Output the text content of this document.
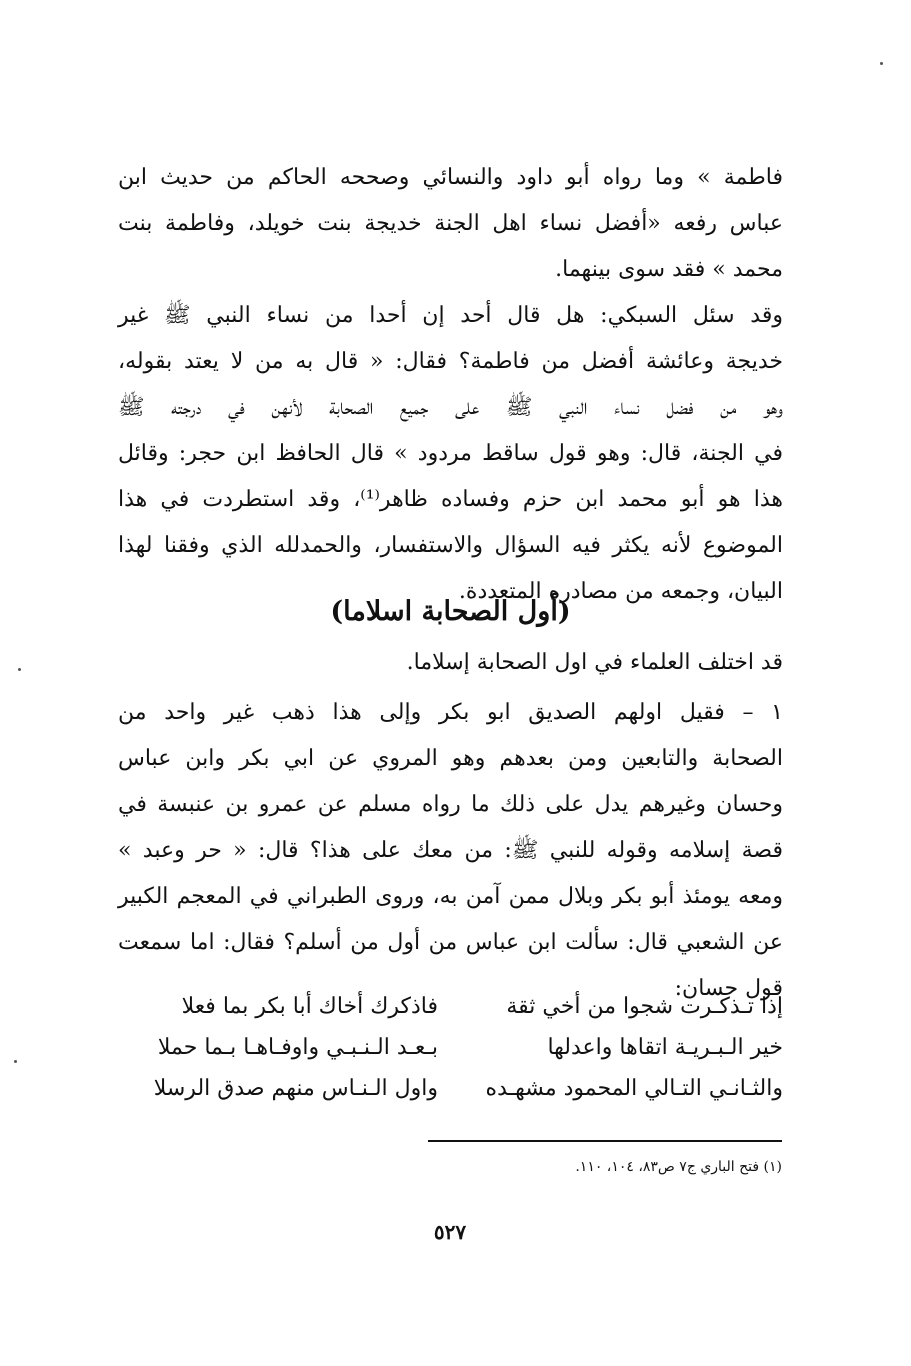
فاطمة » وما رواه أبو داود والنسائي وصححه الحاكم من حديث ابن
عباس رفعه «أفضل نساء اهل الجنة خديجة بنت خويلد، وفاطمة بنت
محمد » فقد سوى بينهما.
وقد سئل السبكي: هل قال أحد إن أحدا من نساء النبي ﷺ غير
خديجة وعائشة أفضل من فاطمة؟ فقال: « قال به من لا يعتد بقوله،
وهو من فضل نساء النبي ﷺ على جميع الصحابة لأنهن في درجته ﷺ
في الجنة، قال: وهو قول ساقط مردود » قال الحافظ ابن حجر: وقائل
هذا هو أبو محمد ابن حزم وفساده ظاهر⁽¹⁾، وقد استطردت في هذا
الموضوع لأنه يكثر فيه السؤال والاستفسار، والحمدلله الذي وفقنا لهذا
البيان، وجمعه من مصادره المتعددة.
(أول الصحابة اسلاما)
قد اختلف العلماء في اول الصحابة إسلاما.
١ – فقيل اولهم الصديق ابو بكر وإلى هذا ذهب غير واحد من
الصحابة والتابعين ومن بعدهم وهو المروي عن ابي بكر وابن عباس
وحسان وغيرهم يدل على ذلك ما رواه مسلم عن عمرو بن عنبسة في
قصة إسلامه وقوله للنبي ﷺ: من معك على هذا؟ قال: « حر وعبد »
ومعه يومئذ أبو بكر وبلال ممن آمن به، وروى الطبراني في المعجم الكبير
عن الشعبي قال: سألت ابن عباس من أول من أسلم؟ فقال: اما سمعت
قول حسان:
إذا تـذكـرت شجوا من أخي ثقة
فاذكرك أخاك أبا بكر بما فعلا
خير الـبـريـة اتقاها واعدلها
بـعـد الـنـبـي واوفـاهـا بـما حملا
والثـانـي التـالي المحمود مشهـده
واول الـنـاس منهم صدق الرسلا
(١) فتح الباري ج٧ ص٨٣، ١٠٤، ١١٠.
٥٢٧
